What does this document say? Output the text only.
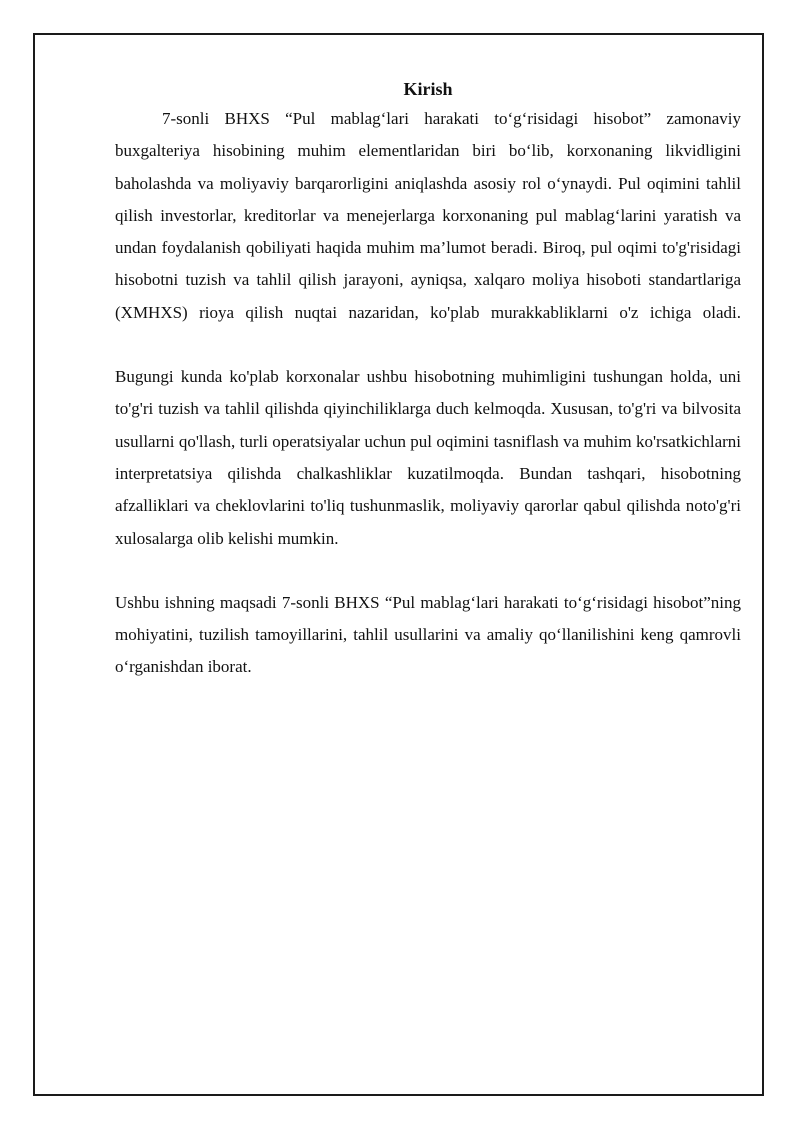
Kirish

7-sonli BHXS “Pul mablag‘lari harakati to‘g‘risidagi hisobot” zamonaviy buxgalteriya hisobining muhim elementlaridan biri bo‘lib, korxonaning likvidligini baholashda va moliyaviy barqarorligini aniqlashda asosiy rol o‘ynaydi. Pul oqimini tahlil qilish investorlar, kreditorlar va menejerlarga korxonaning pul mablag‘larini yaratish va undan foydalanish qobiliyati haqida muhim ma’lumot beradi. Biroq, pul oqimi to'g'risidagi hisobotni tuzish va tahlil qilish jarayoni, ayniqsa, xalqaro moliya hisoboti standartlariga (XMHXS) rioya qilish nuqtai nazaridan, ko'plab murakkabliklarni o'z ichiga oladi.

Bugungi kunda ko'plab korxonalar ushbu hisobotning muhimligini tushungan holda, uni to'g'ri tuzish va tahlil qilishda qiyinchiliklarga duch kelmoqda. Xususan, to'g'ri va bilvosita usullarni qo'llash, turli operatsiyalar uchun pul oqimini tasniflash va muhim ko'rsatkichlarni interpretatsiya qilishda chalkashliklar kuzatilmoqda. Bundan tashqari, hisobotning afzalliklari va cheklovlarini to'liq tushunmaslik, moliyaviy qarorlar qabul qilishda noto'g'ri xulosalarga olib kelishi mumkin.

Ushbu ishning maqsadi 7-sonli BHXS “Pul mablag‘lari harakati to‘g‘risidagi hisobot”ning mohiyatini, tuzilish tamoyillarini, tahlil usullarini va amaliy qo‘llanilishini keng qamrovli o‘rganishdan iborat.
